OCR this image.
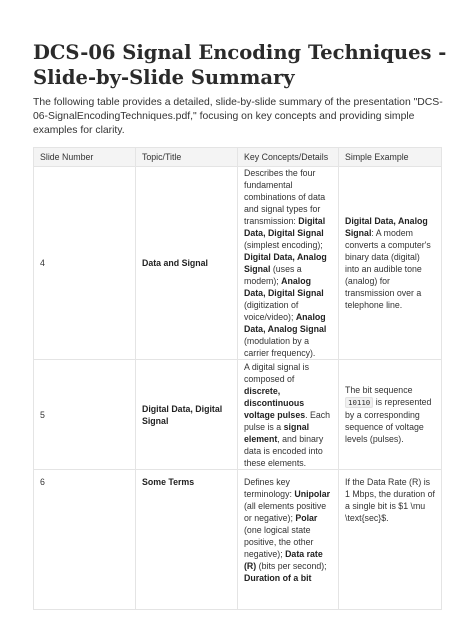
DCS-06 Signal Encoding Techniques - Slide-by-Slide Summary

The following table provides a detailed, slide-by-slide summary of the presentation "DCS-06-SignalEncodingTechniques.pdf," focusing on key concepts and providing simple examples for clarity.

Slide Number	Topic/Title	Key Concepts/Details	Simple Example
4	Data and Signal	Describes the four fundamental combinations of data and signal types for transmission: Digital Data, Digital Signal (simplest encoding); Digital Data, Analog Signal (uses a modem); Analog Data, Digital Signal (digitization of voice/video); Analog Data, Analog Signal (modulation by a carrier frequency).	Digital Data, Analog Signal: A modem converts a computer's binary data (digital) into an audible tone (analog) for transmission over a telephone line.
5	Digital Data, Digital Signal	A digital signal is composed of discrete, discontinuous voltage pulses. Each pulse is a signal element, and binary data is encoded into these elements.	The bit sequence 10110 is represented by a corresponding sequence of voltage levels (pulses).
6	Some Terms	Defines key terminology: Unipolar (all elements positive or negative); Polar (one logical state positive, the other negative); Data rate (R) (bits per second); Duration of a bit	If the Data Rate (R) is 1 Mbps, the duration of a single bit is $1 \mu \text{sec}$.
